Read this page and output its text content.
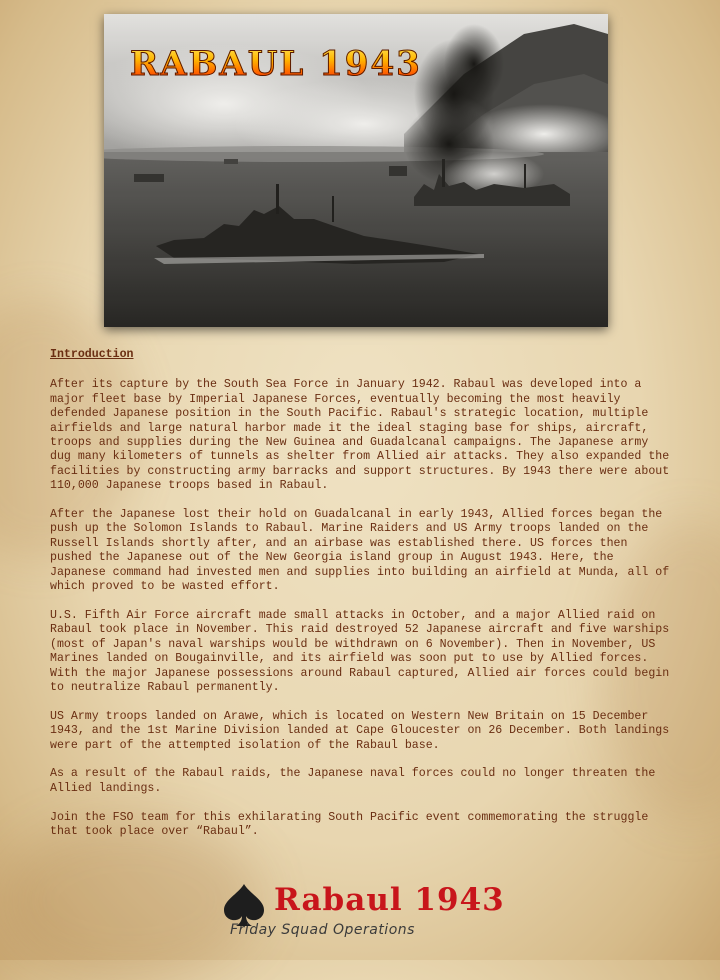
RABAUL 1943
Introduction

After its capture by the South Sea Force in January 1942. Rabaul was developed into a major fleet base by Imperial Japanese Forces, eventually becoming the most heavily defended Japanese position in the South Pacific. Rabaul's strategic location, multiple airfields and large natural harbor made it the ideal staging base for ships, aircraft, troops and supplies during the New Guinea and Guadalcanal campaigns. The Japanese army dug many kilometers of tunnels as shelter from Allied air attacks. They also expanded the facilities by constructing army barracks and support structures. By 1943 there were about 110,000 Japanese troops based in Rabaul.

After the Japanese lost their hold on Guadalcanal in early 1943, Allied forces began the push up the Solomon Islands to Rabaul. Marine Raiders and US Army troops landed on the Russell Islands shortly after, and an airbase was established there. US forces then pushed the Japanese out of the New Georgia island group in August 1943. Here, the Japanese command had invested men and supplies into building an airfield at Munda, all of which proved to be wasted effort.

U.S. Fifth Air Force aircraft made small attacks in October, and a major Allied raid on Rabaul took place in November. This raid destroyed 52 Japanese aircraft and five warships (most of Japan's naval warships would be withdrawn on 6 November). Then in November, US Marines landed on Bougainville, and its airfield was soon put to use by Allied forces. With the major Japanese possessions around Rabaul captured, Allied air forces could begin to neutralize Rabaul permanently.

US Army troops landed on Arawe, which is located on Western New Britain on 15 December 1943, and the 1st Marine Division landed at Cape Gloucester on 26 December. Both landings were part of the attempted isolation of the Rabaul base.

As a result of the Rabaul raids, the Japanese naval forces could no longer threaten the Allied landings.

Join the FSO team for this exhilarating South Pacific event commemorating the struggle that took place over “Rabaul”.

Rabaul 1943
Friday Squad Operations
